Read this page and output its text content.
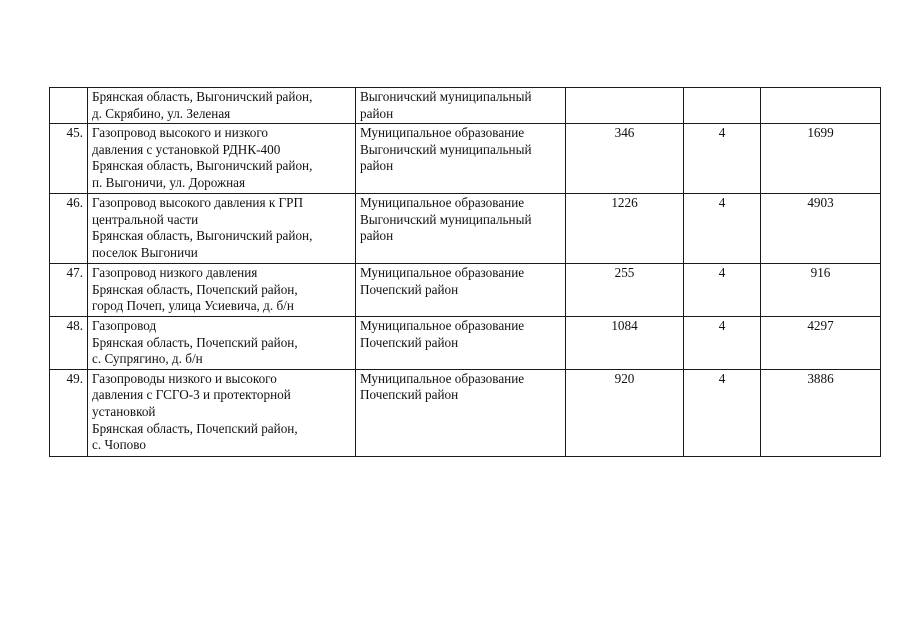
	Брянская область, Выгоничский район,
д. Скрябино, ул. Зеленая	Выгоничский муниципальный
район			

45.	Газопровод высокого и низкого
давления с установкой РДНК-400
Брянская область, Выгоничский район,
п. Выгоничи, ул. Дорожная	Муниципальное образование
Выгоничский муниципальный
район	346	4	1699
46.	Газопровод высокого давления к ГРП
центральной части
Брянская область, Выгоничский район,
поселок Выгоничи	Муниципальное образование
Выгоничский муниципальный
район	1226	4	4903
47.	Газопровод низкого давления
Брянская область, Почепский район,
город Почеп, улица Усиевича, д. б/н	Муниципальное образование
Почепский район	255	4	916
48.	Газопровод
Брянская область, Почепский район,
с. Супрягино, д. б/н	Муниципальное образование
Почепский район	1084	4	4297
49.	Газопроводы низкого и высокого
давления с ГСГО-3 и протекторной
установкой
Брянская область, Почепский район,
с. Чопово	Муниципальное образование
Почепский район	920	4	3886
